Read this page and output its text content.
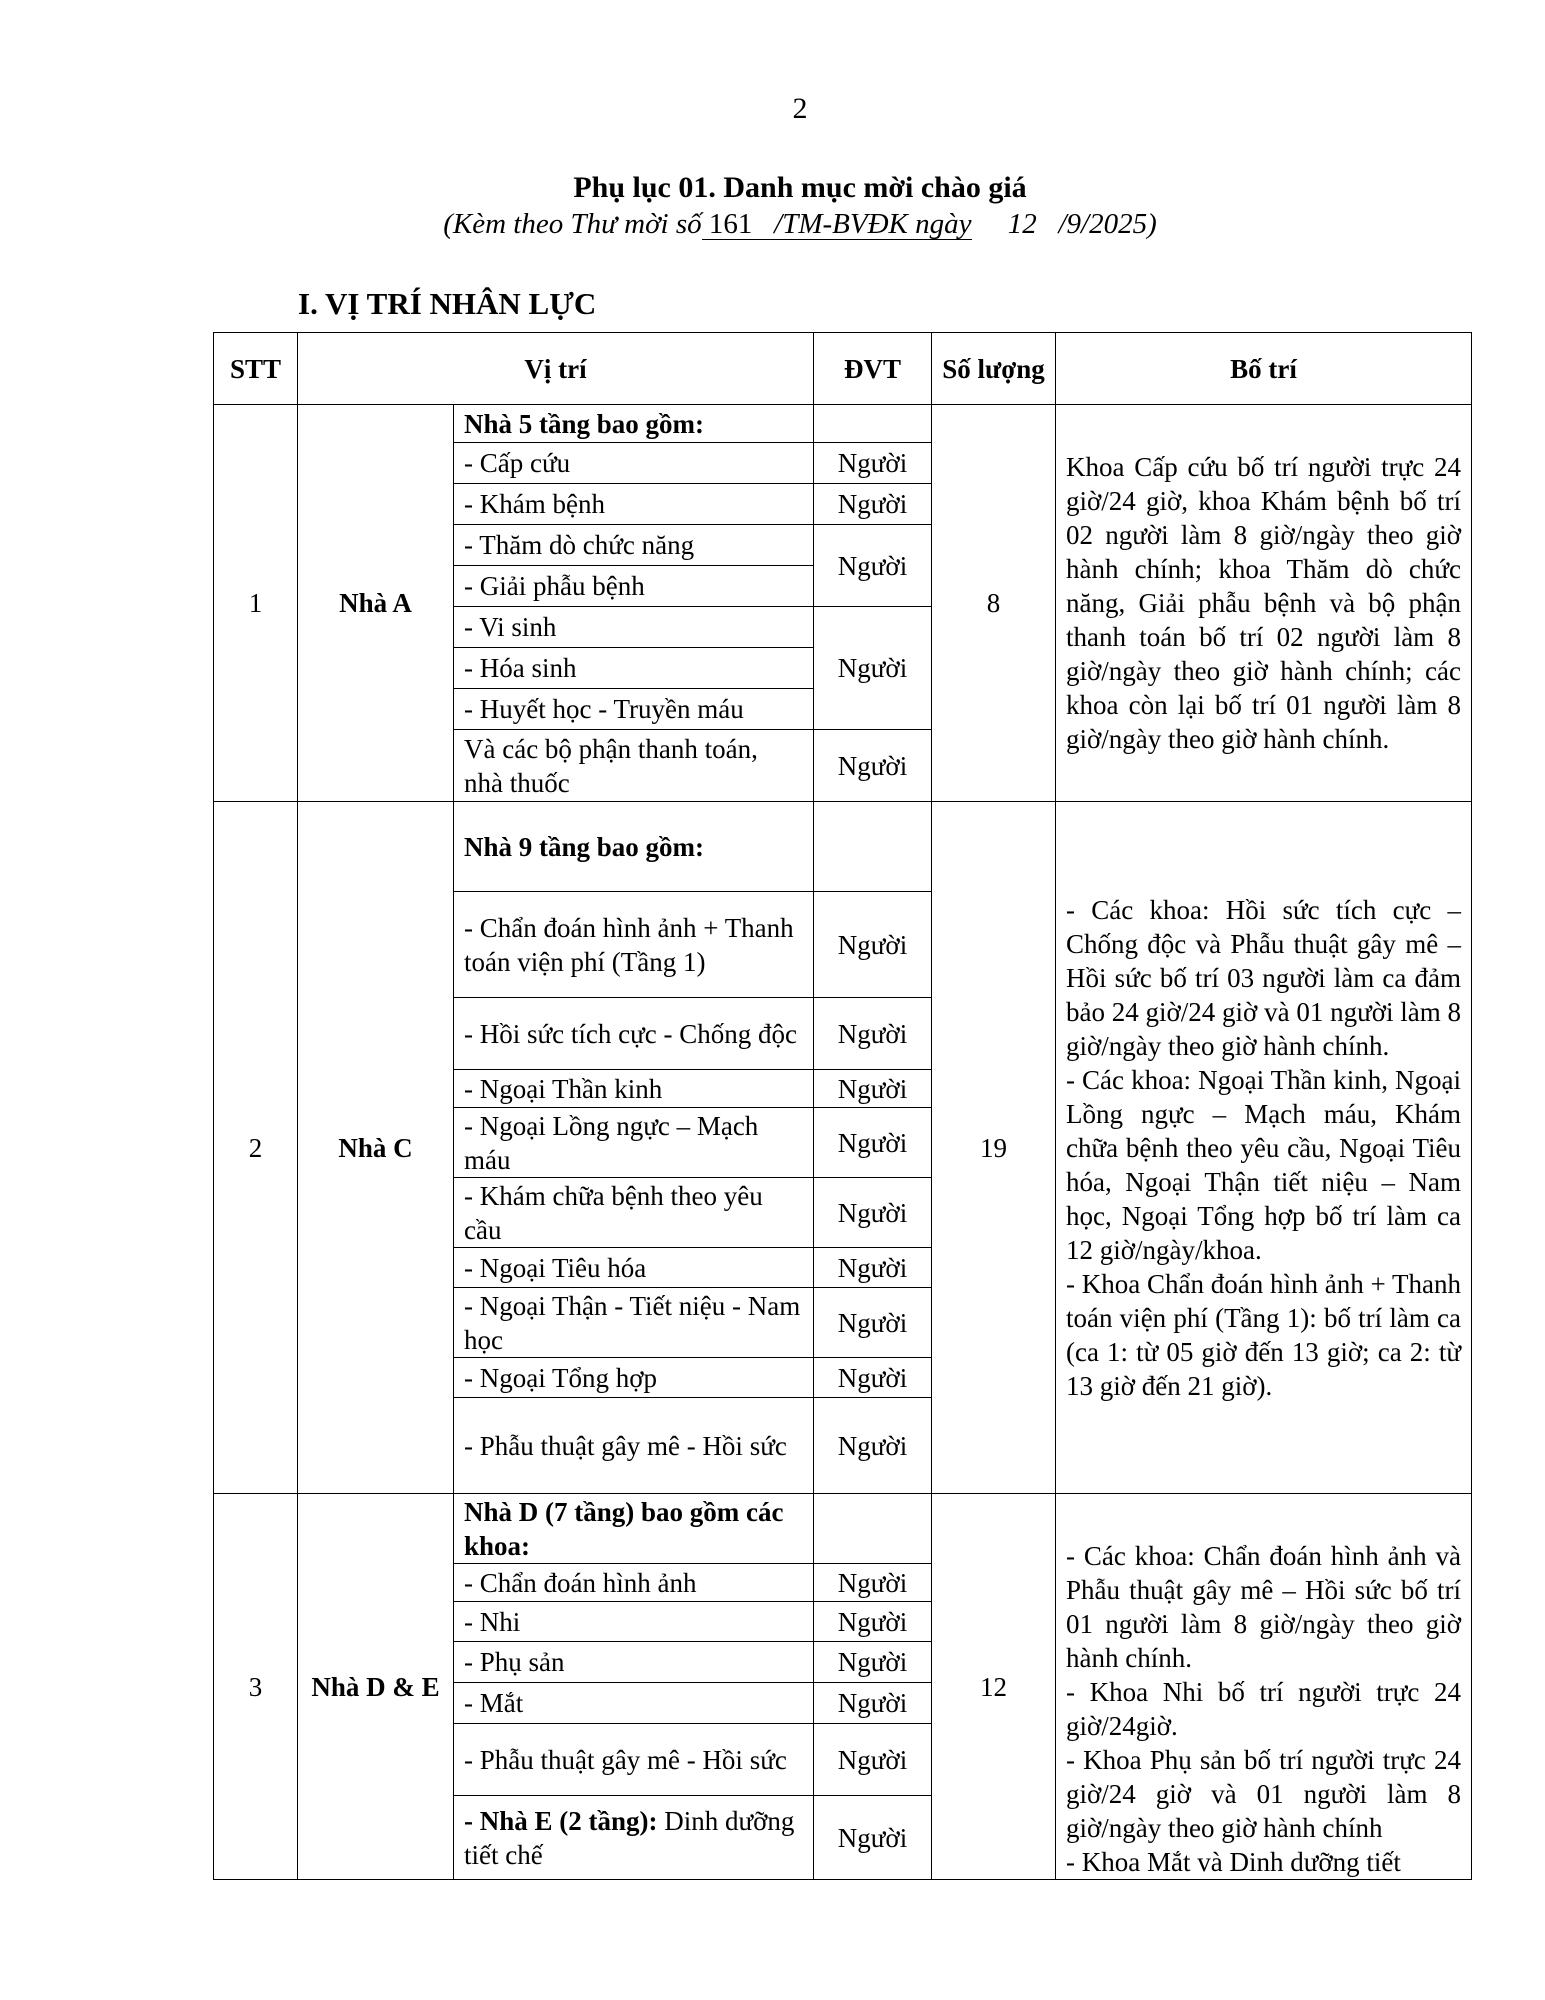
2
Phụ lục 01. Danh mục mời chào giá
(Kèm theo Thư mời số 161 /TM-BVĐK ngày 12 /9/2025)
I. VỊ TRÍ NHÂN LỰC
STT	Vị trí		ĐVT	Số lượng	Bố trí
1	Nhà A	Nhà 5 tầng bao gồm:		8	Khoa Cấp cứu bố trí người trực 24 giờ/24 giờ, khoa Khám bệnh bố trí 02 người làm 8 giờ/ngày theo giờ hành chính; khoa Thăm dò chức năng, Giải phẫu bệnh và bộ phận thanh toán bố trí 02 người làm 8 giờ/ngày theo giờ hành chính; các khoa còn lại bố trí 01 người làm 8 giờ/ngày theo giờ hành chính.

		- Cấp cứu	Người		
		- Khám bệnh	Người		
		- Thăm dò chức năng	Người		
		- Giải phẫu bệnh			
		- Vi sinh	Người		
		- Hóa sinh			
		- Huyết học - Truyền máu			
		Và các bộ phận thanh toán, nhà thuốc	Người		
2	Nhà C	Nhà 9 tầng bao gồm:		19	- Các khoa: Hồi sức tích cực – Chống độc và Phẫu thuật gây mê – Hồi sức bố trí 03 người làm ca đảm bảo 24 giờ/24 giờ và 01 người làm 8 giờ/ngày theo giờ hành chính.

- Các khoa: Ngoại Thần kinh, Ngoại Lồng ngực – Mạch máu, Khám chữa bệnh theo yêu cầu, Ngoại Tiêu hóa, Ngoại Thận tiết niệu – Nam học, Ngoại Tổng hợp bố trí làm ca 12 giờ/ngày/khoa.

- Khoa Chẩn đoán hình ảnh + Thanh toán viện phí (Tầng 1): bố trí làm ca (ca 1: từ 05 giờ đến 13 giờ; ca 2: từ 13 giờ đến 21 giờ).

		- Chẩn đoán hình ảnh + Thanh toán viện phí (Tầng 1)	Người		
		- Hồi sức tích cực - Chống độc	Người		
		- Ngoại Thần kinh	Người		
		- Ngoại Lồng ngực – Mạch máu	Người		
		- Khám chữa bệnh theo yêu cầu	Người		
		- Ngoại Tiêu hóa	Người		
		- Ngoại Thận - Tiết niệu - Nam học	Người		
		- Ngoại Tổng hợp	Người		
		- Phẫu thuật gây mê - Hồi sức	Người		
3	Nhà D & E	Nhà D (7 tầng) bao gồm các khoa:		12	- Các khoa: Chẩn đoán hình ảnh và Phẫu thuật gây mê – Hồi sức bố trí 01 người làm 8 giờ/ngày theo giờ hành chính.

- Khoa Nhi bố trí người trực 24 giờ/24giờ.

- Khoa Phụ sản bố trí người trực 24 giờ/24 giờ và 01 người làm 8 giờ/ngày theo giờ hành chính

- Khoa Mắt và Dinh dưỡng tiết

		- Chẩn đoán hình ảnh	Người		
		- Nhi	Người		
		- Phụ sản	Người		
		- Mắt	Người		
		- Phẫu thuật gây mê - Hồi sức	Người		
		- Nhà E (2 tầng): Dinh dưỡng tiết chế	Người		
